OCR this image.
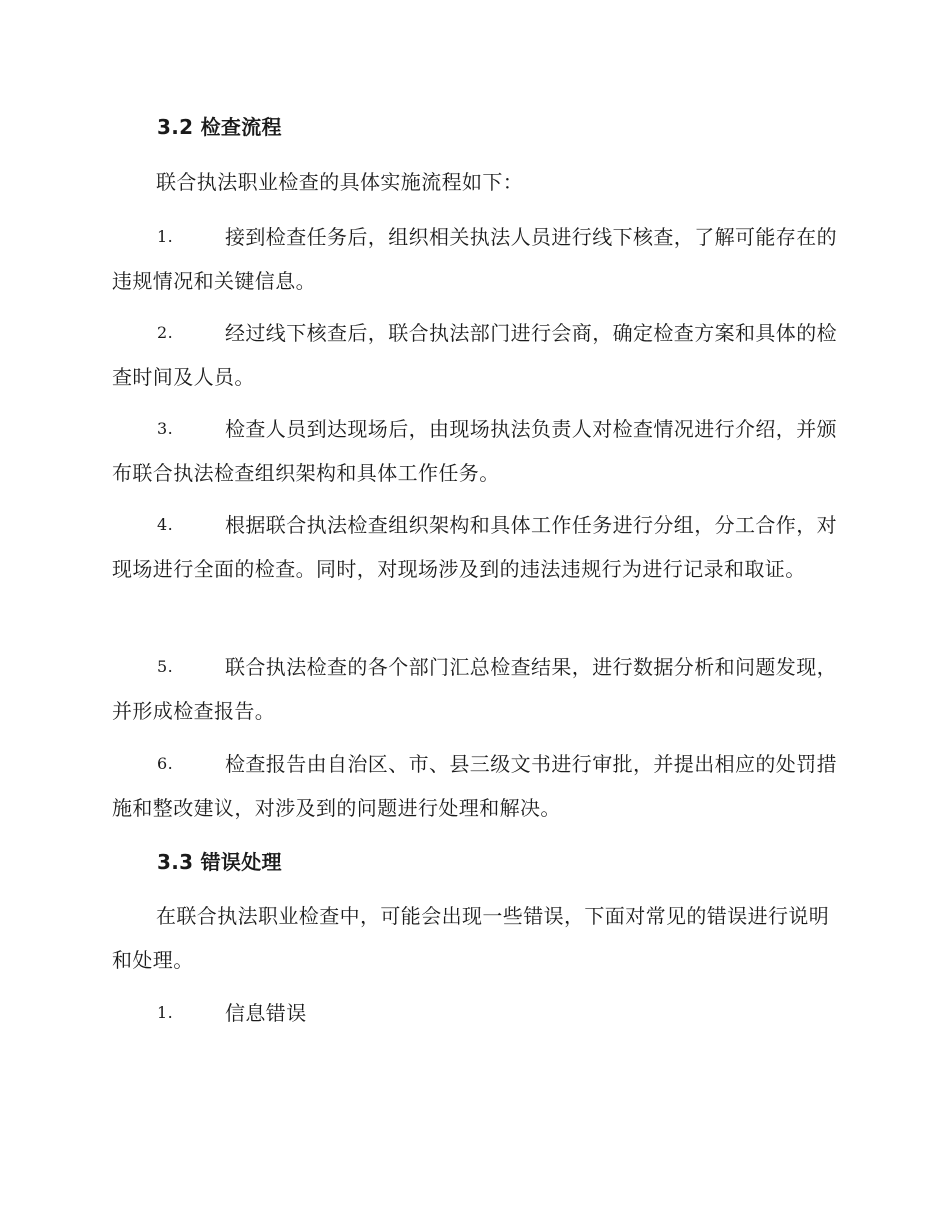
3.2 检查流程

联合执法职业检查的具体实施流程如下：

1.	接到检查任务后，组织相关执法人员进行线下核查，了解可能存在的违规情况和关键信息。
2.	经过线下核查后，联合执法部门进行会商，确定检查方案和具体的检查时间及人员。
3.	检查人员到达现场后，由现场执法负责人对检查情况进行介绍，并颁布联合执法检查组织架构和具体工作任务。
4.	根据联合执法检查组织架构和具体工作任务进行分组，分工合作，对现场进行全面的检查。同时，对现场涉及到的违法违规行为进行记录和取证。
5.	联合执法检查的各个部门汇总检查结果，进行数据分析和问题发现，并形成检查报告。
6.	检查报告由自治区、市、县三级文书进行审批，并提出相应的处罚措施和整改建议，对涉及到的问题进行处理和解决。
3.3 错误处理

在联合执法职业检查中，可能会出现一些错误，下面对常见的错误进行说明和处理。

1.	信息错误
